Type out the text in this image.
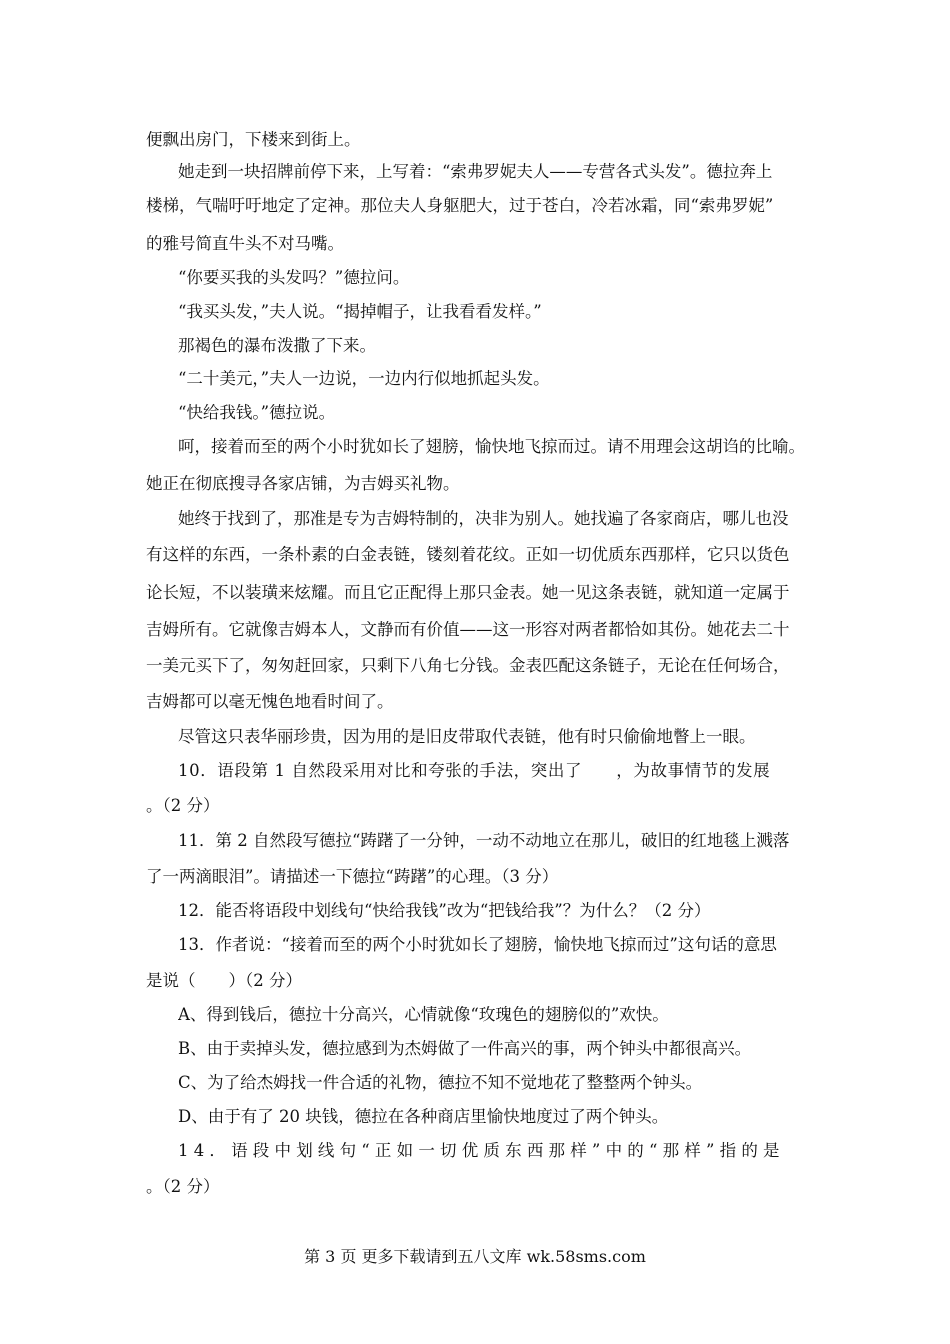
便飘出房门，下楼来到街上。
她走到一块招牌前停下来，上写着：“索弗罗妮夫人——专营各式头发”。德拉奔上
楼梯，气喘吁吁地定了定神。那位夫人身躯肥大，过于苍白，冷若冰霜，同“索弗罗妮”
的雅号简直牛头不对马嘴。
“你要买我的头发吗？”德拉问。
“我买头发，”夫人说。“揭掉帽子，让我看看发样。”
那褐色的瀑布泼撒了下来。
“二十美元，”夫人一边说，一边内行似地抓起头发。
“快给我钱。”德拉说。
呵，接着而至的两个小时犹如长了翅膀，愉快地飞掠而过。请不用理会这胡诌的比喻。
她正在彻底搜寻各家店铺，为吉姆买礼物。
她终于找到了，那准是专为吉姆特制的，决非为别人。她找遍了各家商店，哪儿也没
有这样的东西，一条朴素的白金表链，镂刻着花纹。正如一切优质东西那样，它只以货色
论长短，不以装璜来炫耀。而且它正配得上那只金表。她一见这条表链，就知道一定属于
吉姆所有。它就像吉姆本人，文静而有价值——这一形容对两者都恰如其份。她花去二十
一美元买下了，匆匆赶回家，只剩下八角七分钱。金表匹配这条链子，无论在任何场合，
吉姆都可以毫无愧色地看时间了。
尽管这只表华丽珍贵，因为用的是旧皮带取代表链，他有时只偷偷地瞥上一眼。
10．语段第 1 自然段采用对比和夸张的手法，突出了　　，为故事情节的发展
。（2 分）
11．第 2 自然段写德拉“踌躇了一分钟，一动不动地立在那儿，破旧的红地毯上溅落
了一两滴眼泪”。请描述一下德拉“踌躇”的心理。（3 分）
12．能否将语段中划线句“快给我钱”改为“把钱给我”？为什么？（2 分）
13．作者说：“接着而至的两个小时犹如长了翅膀，愉快地飞掠而过”这句话的意思
是说（　　）（2 分）
A、得到钱后，德拉十分高兴，心情就像“玫瑰色的翅膀似的”欢快。
B、由于卖掉头发，德拉感到为杰姆做了一件高兴的事，两个钟头中都很高兴。
C、为了给杰姆找一件合适的礼物，德拉不知不觉地花了整整两个钟头。
D、由于有了 20 块钱，德拉在各种商店里愉快地度过了两个钟头。
14．语段中划线句“正如一切优质东西那样”中的“那样”指的是
。（2 分）
第 3 页 更多下载请到五八文库 wk.58sms.com
